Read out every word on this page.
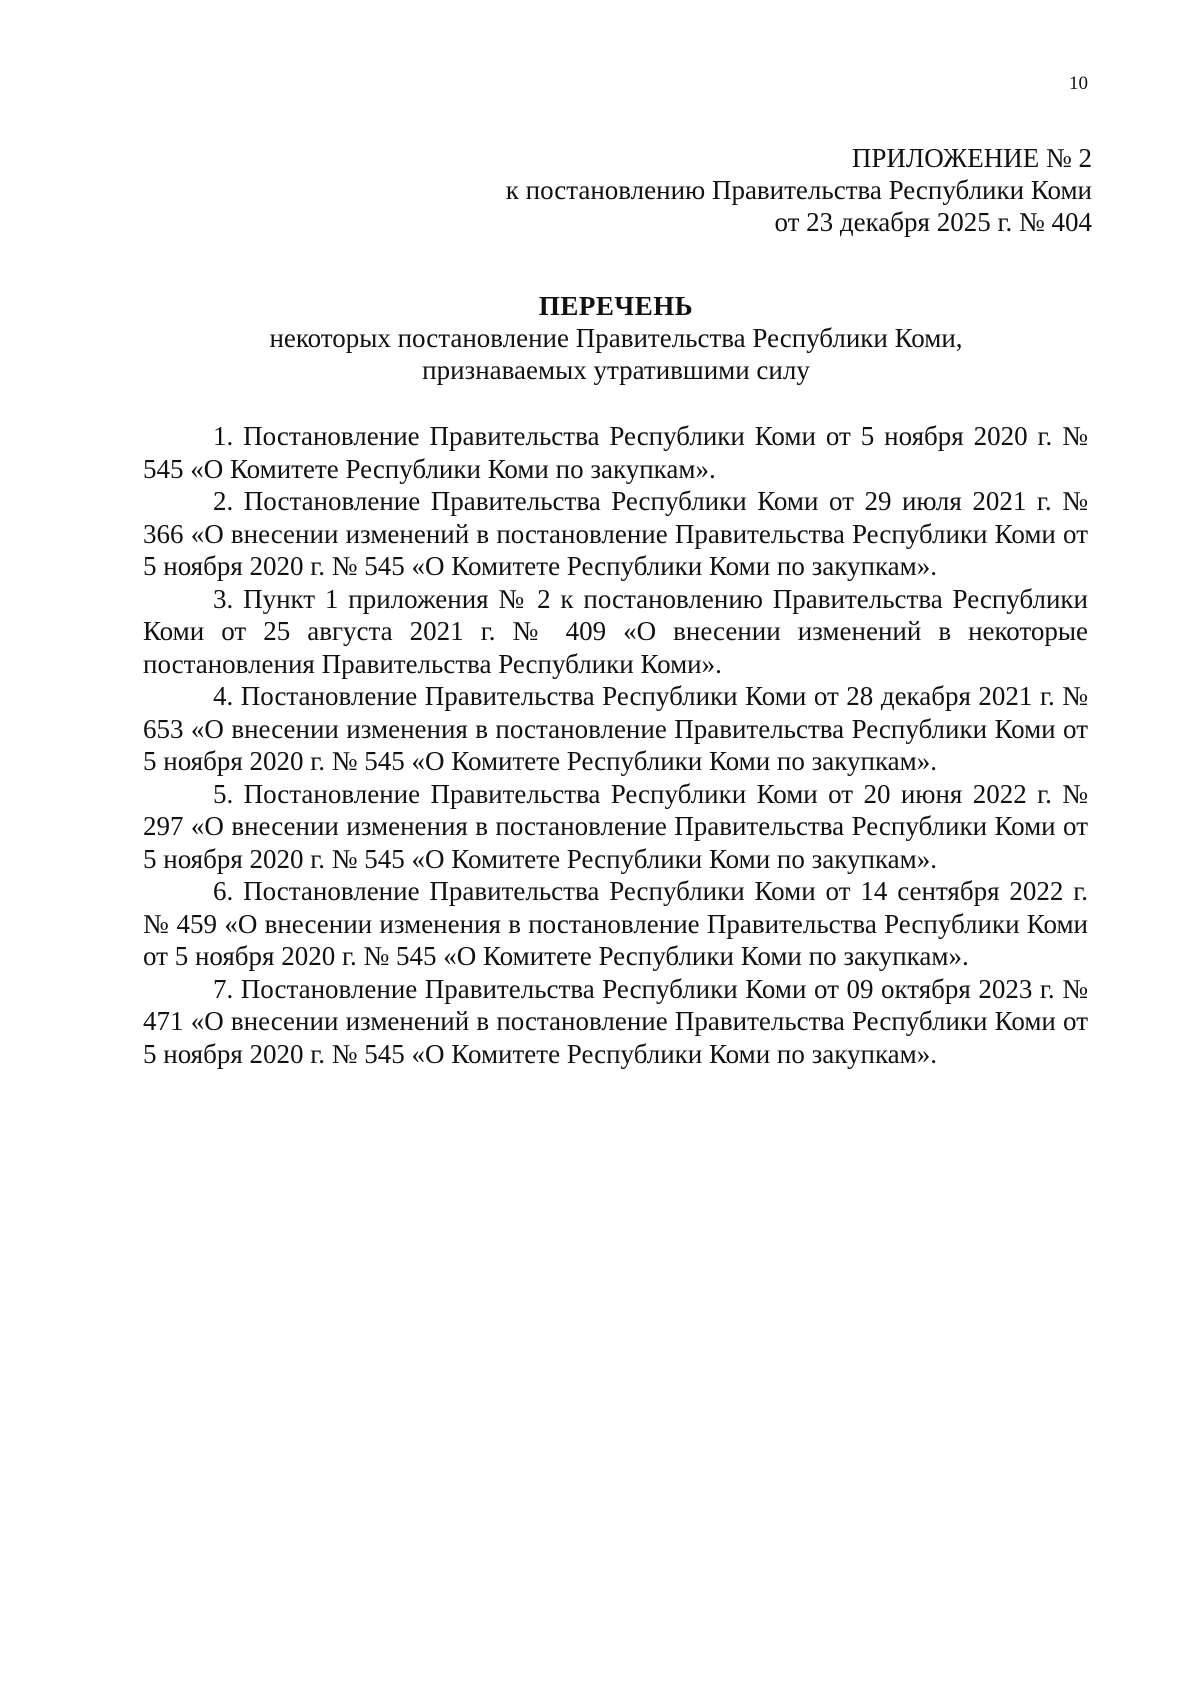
10
ПРИЛОЖЕНИЕ № 2
к постановлению Правительства Республики Коми
от 23 декабря 2025 г. № 404
ПЕРЕЧЕНЬ
некоторых постановление Правительства Республики Коми,
признаваемых утратившими силу

1. Постановление Правительства Республики Коми от 5 ноября 2020 г. № 545 «О Комитете Республики Коми по закупкам».

2. Постановление Правительства Республики Коми от 29 июля 2021 г. № 366 «О внесении изменений в постановление Правительства Республики Коми от 5 ноября 2020 г. № 545 «О Комитете Республики Коми по закупкам».

3. Пункт 1 приложения № 2 к постановлению Правительства Республики Коми от 25 августа 2021 г. № 409 «О внесении изменений в некоторые постановления Правительства Республики Коми».

4. Постановление Правительства Республики Коми от 28 декабря 2021 г. № 653 «О внесении изменения в постановление Правительства Республики Коми от 5 ноября 2020 г. № 545 «О Комитете Республики Коми по закупкам».

5. Постановление Правительства Республики Коми от 20 июня 2022 г. № 297 «О внесении изменения в постановление Правительства Республики Коми от 5 ноября 2020 г. № 545 «О Комитете Республики Коми по закупкам».

6. Постановление Правительства Республики Коми от 14 сентября 2022 г. № 459 «О внесении изменения в постановление Правительства Республики Коми от 5 ноября 2020 г. № 545 «О Комитете Республики Коми по закупкам».

7. Постановление Правительства Республики Коми от 09 октября 2023 г. № 471 «О внесении изменений в постановление Правительства Республики Коми от 5 ноября 2020 г. № 545 «О Комитете Республики Коми по закупкам».
